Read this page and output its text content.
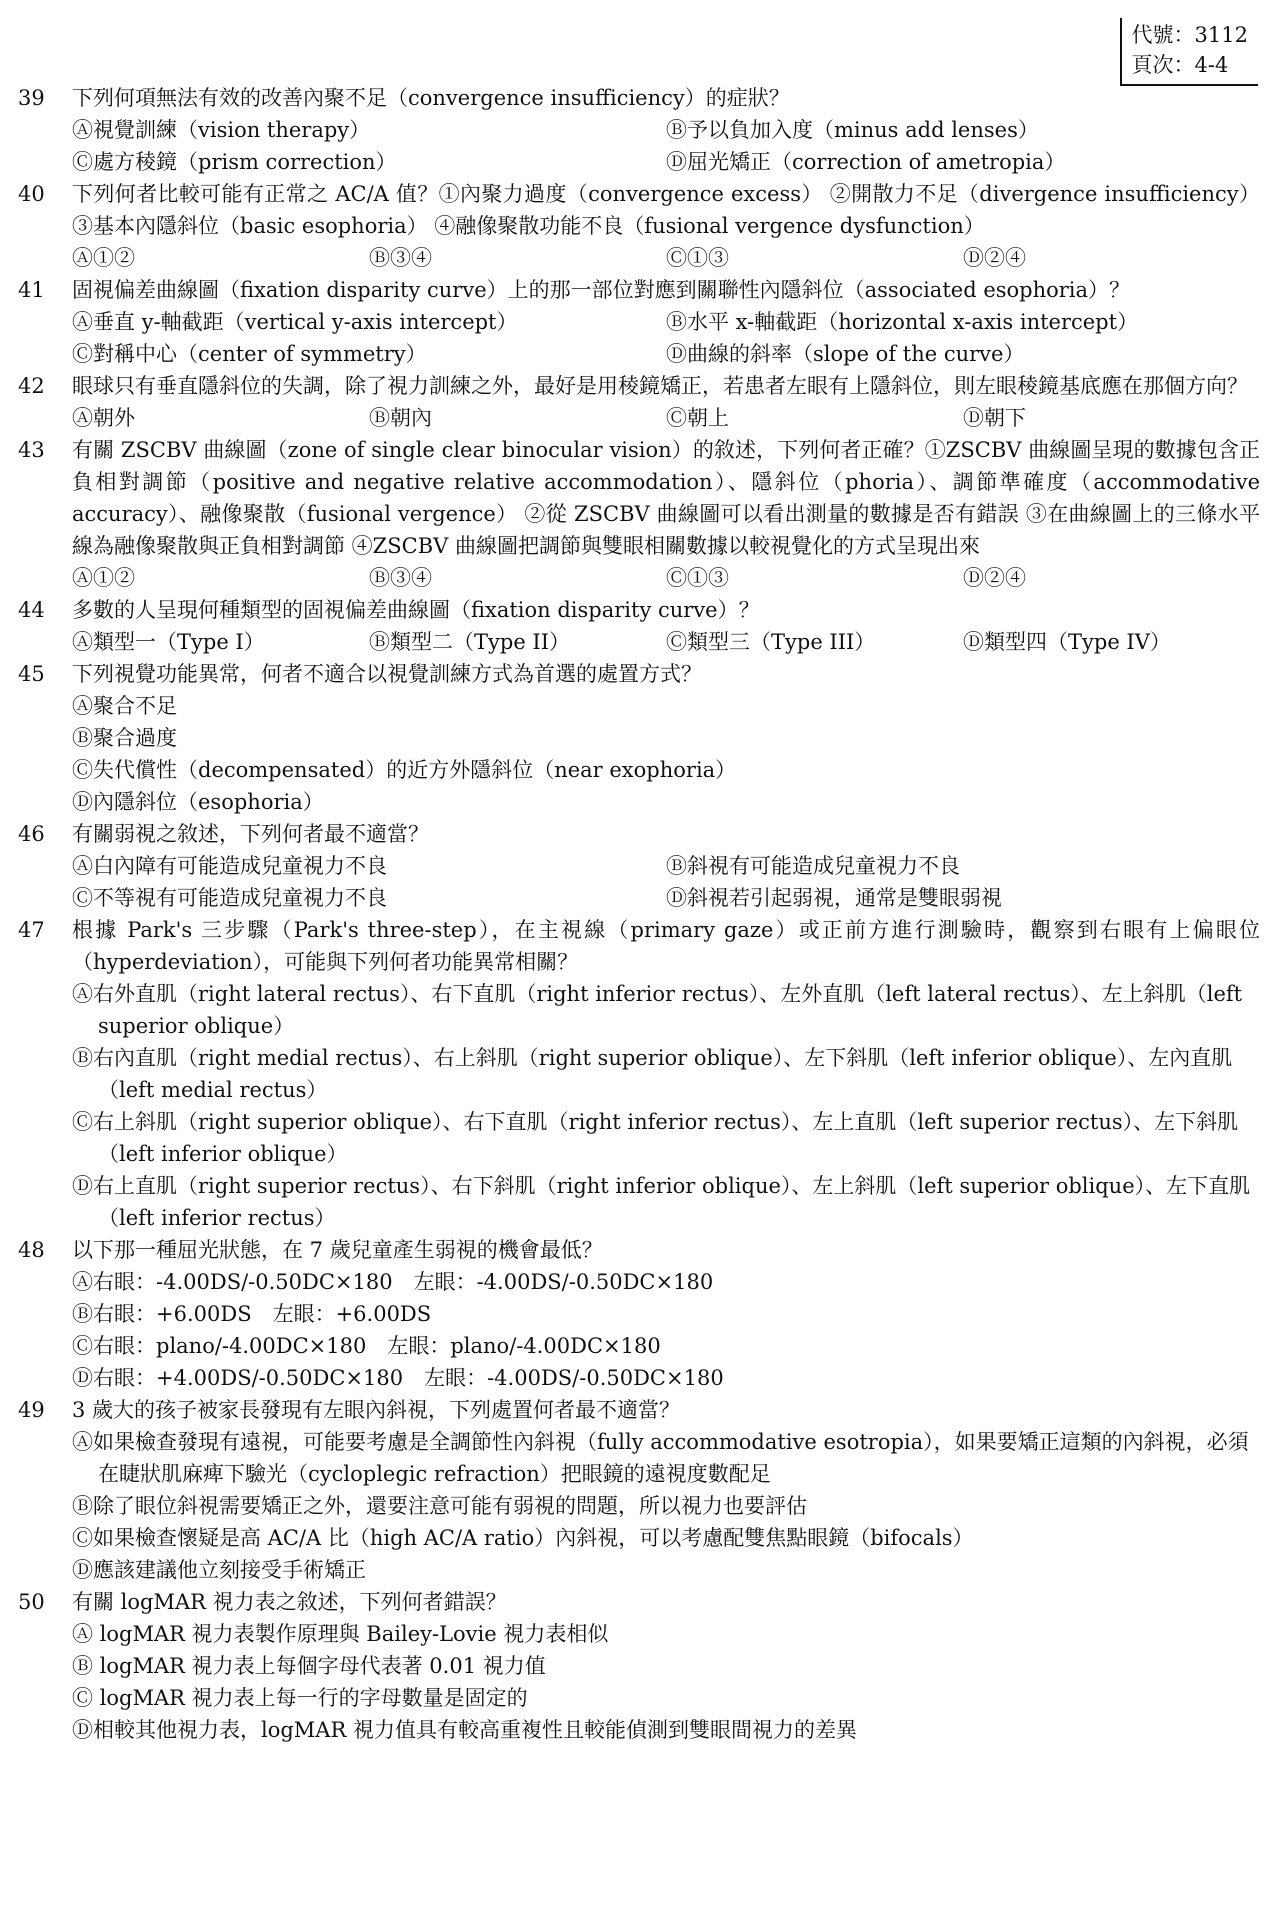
代號：3112
頁次：4-4
39	下列何項無法有效的改善內聚不足（convergence insufficiency）的症狀？
Ⓐ視覺訓練（vision therapy）	Ⓑ予以負加入度（minus add lenses）
Ⓒ處方稜鏡（prism correction）	Ⓓ屈光矯正（correction of ametropia）
40	下列何者比較可能有正常之 AC/A 值？①內聚力過度（convergence excess） ②開散力不足（divergence insufficiency） ③基本內隱斜位（basic esophoria） ④融像聚散功能不良（fusional vergence dysfunction）
Ⓐ①②	Ⓑ③④	Ⓒ①③	Ⓓ②④
41	固視偏差曲線圖（fixation disparity curve）上的那一部位對應到關聯性內隱斜位（associated esophoria）？
Ⓐ垂直 y-軸截距（vertical y-axis intercept）	Ⓑ水平 x-軸截距（horizontal x-axis intercept）
Ⓒ對稱中心（center of symmetry）	Ⓓ曲線的斜率（slope of the curve）
42	眼球只有垂直隱斜位的失調，除了視力訓練之外，最好是用稜鏡矯正，若患者左眼有上隱斜位，則左眼稜鏡基底應在那個方向？
Ⓐ朝外	Ⓑ朝內	Ⓒ朝上	Ⓓ朝下
43	有關 ZSCBV 曲線圖（zone of single clear binocular vision）的敘述，下列何者正確？①ZSCBV 曲線圖呈現的數據包含正負相對調節（positive and negative relative accommodation）、隱斜位（phoria）、調節準確度（accommodative accuracy）、融像聚散（fusional vergence） ②從 ZSCBV 曲線圖可以看出測量的數據是否有錯誤 ③在曲線圖上的三條水平線為融像聚散與正負相對調節 ④ZSCBV 曲線圖把調節與雙眼相關數據以較視覺化的方式呈現出來
Ⓐ①②	Ⓑ③④	Ⓒ①③	Ⓓ②④
44	多數的人呈現何種類型的固視偏差曲線圖（fixation disparity curve）？
Ⓐ類型一（Type I）	Ⓑ類型二（Type II）	Ⓒ類型三（Type III）	Ⓓ類型四（Type IV）
45	下列視覺功能異常，何者不適合以視覺訓練方式為首選的處置方式？
Ⓐ聚合不足
Ⓑ聚合過度
Ⓒ失代償性（decompensated）的近方外隱斜位（near exophoria）
Ⓓ內隱斜位（esophoria）
46	有關弱視之敘述，下列何者最不適當？
Ⓐ白內障有可能造成兒童視力不良	Ⓑ斜視有可能造成兒童視力不良
Ⓒ不等視有可能造成兒童視力不良	Ⓓ斜視若引起弱視，通常是雙眼弱視
47	根據 Park's 三步驟（Park's three-step），在主視線（primary gaze）或正前方進行測驗時，觀察到右眼有上偏眼位（hyperdeviation），可能與下列何者功能異常相關？
Ⓐ右外直肌（right lateral rectus）、右下直肌（right inferior rectus）、左外直肌（left lateral rectus）、左上斜肌（left superior oblique）
Ⓑ右內直肌（right medial rectus）、右上斜肌（right superior oblique）、左下斜肌（left inferior oblique）、左內直肌（left medial rectus）
Ⓒ右上斜肌（right superior oblique）、右下直肌（right inferior rectus）、左上直肌（left superior rectus）、左下斜肌（left inferior oblique）
Ⓓ右上直肌（right superior rectus）、右下斜肌（right inferior oblique）、左上斜肌（left superior oblique）、左下直肌（left inferior rectus）
48	以下那一種屈光狀態，在 7 歲兒童產生弱視的機會最低？
Ⓐ右眼：-4.00DS/-0.50DC×180　左眼：-4.00DS/-0.50DC×180
Ⓑ右眼：+6.00DS　左眼：+6.00DS
Ⓒ右眼：plano/-4.00DC×180　左眼：plano/-4.00DC×180
Ⓓ右眼：+4.00DS/-0.50DC×180　左眼：-4.00DS/-0.50DC×180
49	3 歲大的孩子被家長發現有左眼內斜視，下列處置何者最不適當？
Ⓐ如果檢查發現有遠視，可能要考慮是全調節性內斜視（fully accommodative esotropia），如果要矯正這類的內斜視，必須在睫狀肌麻痺下驗光（cycloplegic refraction）把眼鏡的遠視度數配足
Ⓑ除了眼位斜視需要矯正之外，還要注意可能有弱視的問題，所以視力也要評估
Ⓒ如果檢查懷疑是高 AC/A 比（high AC/A ratio）內斜視，可以考慮配雙焦點眼鏡（bifocals）
Ⓓ應該建議他立刻接受手術矯正
50	有關 logMAR 視力表之敘述，下列何者錯誤？
Ⓐ logMAR 視力表製作原理與 Bailey-Lovie 視力表相似
Ⓑ logMAR 視力表上每個字母代表著 0.01 視力值
Ⓒ logMAR 視力表上每一行的字母數量是固定的
Ⓓ相較其他視力表，logMAR 視力值具有較高重複性且較能偵測到雙眼間視力的差異
